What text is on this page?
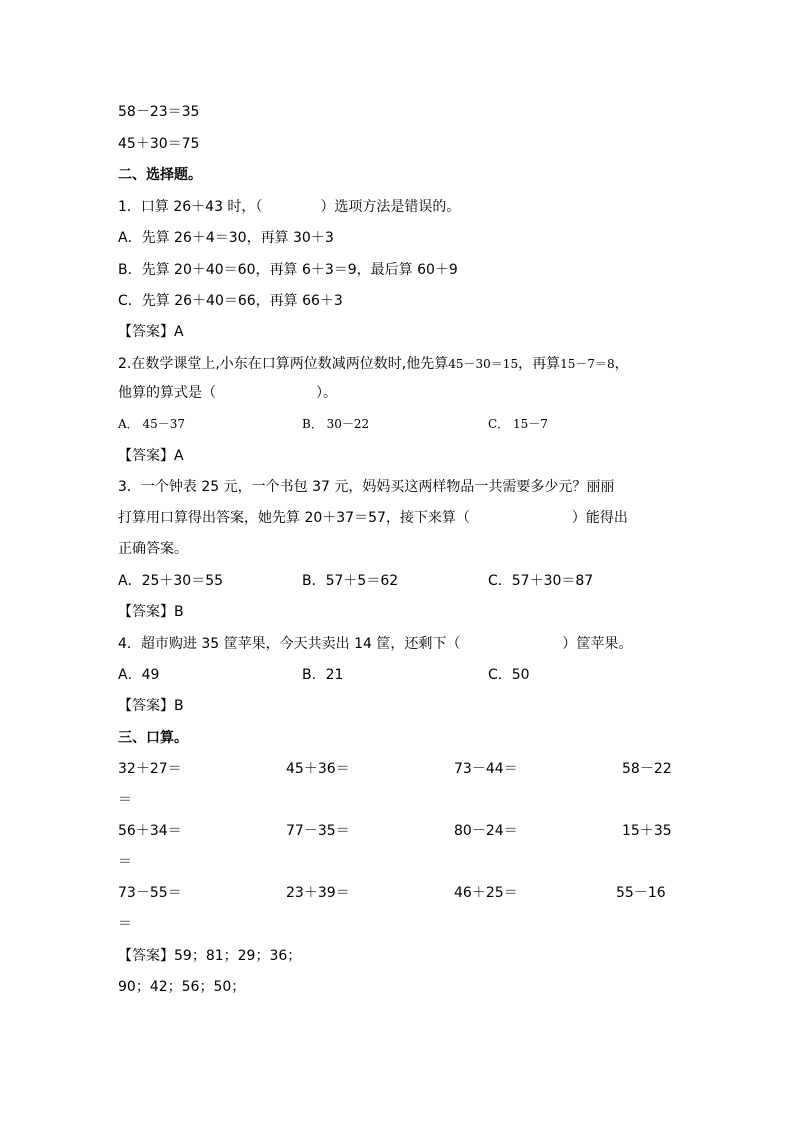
58－23＝35
45＋30＝75
二、选择题。
1．口算 26＋43 时，（	）选项方法是错误的。
A．先算 26＋4＝30，再算 30＋3
B．先算 20＋40＝60，再算 6＋3＝9，最后算 60＋9
C．先算 26＋40＝66，再算 66＋3
【答案】A
2.在数学课堂上,小东在口算两位数减两位数时,他先算45－30＝15，再算15－7＝8，
他算的算式是（	）。
A． 45－37	B． 30－22	C． 15－7
【答案】A
3．一个钟表 25 元，一个书包 37 元，妈妈买这两样物品一共需要多少元？丽丽
打算用口算得出答案，她先算 20＋37＝57，接下来算（	）能得出
正确答案。
A．25＋30＝55	B．57＋5＝62	C．57＋30＝87
【答案】B
4．超市购进 35 筐苹果，今天共卖出 14 筐，还剩下（	）筐苹果。
A．49	B．21	C．50
【答案】B
三、口算。
32＋27＝	45＋36＝	73－44＝	58－22
＝
56＋34＝	77－35＝	80－24＝	15＋35
＝
73－55＝	23＋39＝	46＋25＝	55－16
＝
【答案】59；81；29；36；
90；42；56；50；
